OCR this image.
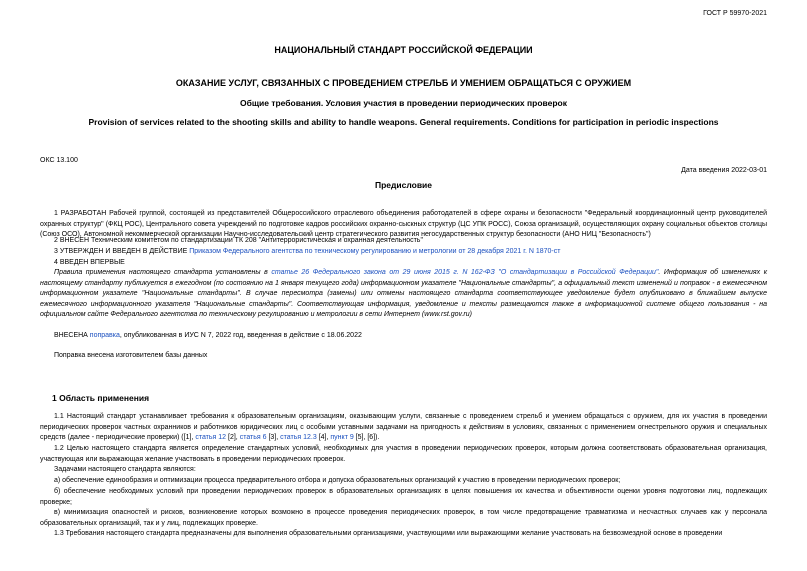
ГОСТ Р 59970-2021
НАЦИОНАЛЬНЫЙ СТАНДАРТ РОССИЙСКОЙ ФЕДЕРАЦИИ
ОКАЗАНИЕ УСЛУГ, СВЯЗАННЫХ С ПРОВЕДЕНИЕМ СТРЕЛЬБ И УМЕНИЕМ ОБРАЩАТЬСЯ С ОРУЖИЕМ
Общие требования. Условия участия в проведении периодических проверок
Provision of services related to the shooting skills and ability to handle weapons. General requirements. Conditions for participation in periodic inspections
ОКС 13.100
Дата введения 2022-03-01
Предисловие

1 РАЗРАБОТАН Рабочей группой, состоящей из представителей Общероссийского отраслевого объединения работодателей в сфере охраны и безопасности "Федеральный координационный центр руководителей охранных структур" (ФКЦ РОС), Центрального совета учреждений по подготовке кадров российских охранно-сыскных структур (ЦС УПК РОСС), Союза организаций, осуществляющих охрану социальных объектов столицы (Союз ОСО), Автономной некоммерческой организации Научно-исследовательский центр стратегического развития негосударственных структур безопасности (АНО НИЦ "Безопасность")

2 ВНЕСЕН Техническим комитетом по стандартизации ТК 208 "Антитеррористическая и охранная деятельность"

3 УТВЕРЖДЕН И ВВЕДЕН В ДЕЙСТВИЕ Приказом Федерального агентства по техническому регулированию и метрологии от 28 декабря 2021 г. N 1870-ст

4 ВВЕДЕН ВПЕРВЫЕ

Правила применения настоящего стандарта установлены в статье 26 Федерального закона от 29 июня 2015 г. N 162-ФЗ "О стандартизации в Российской Федерации". Информация об изменениях к настоящему стандарту публикуется в ежегодном (по состоянию на 1 января текущего года) информационном указателе "Национальные стандарты", а официальный текст изменений и поправок - в ежемесячном информационном указателе "Национальные стандарты". В случае пересмотра (замены) или отмены настоящего стандарта соответствующее уведомление будет опубликовано в ближайшем выпуске ежемесячного информационного указателя "Национальные стандарты". Соответствующая информация, уведомление и тексты размещаются также в информационной системе общего пользования - на официальном сайте Федерального агентства по техническому регулированию и метрологии в сети Интернет (www.rst.gov.ru)

ВНЕСЕНА поправка, опубликованная в ИУС N 7, 2022 год, введенная в действие с 18.06.2022

Поправка внесена изготовителем базы данных

1 Область применения

1.1 Настоящий стандарт устанавливает требования к образовательным организациям, оказывающим услуги, связанные с проведением стрельб и умением обращаться с оружием, для их участия в проведении периодических проверок частных охранников и работников юридических лиц с особыми уставными задачами на пригодность к действиям в условиях, связанных с применением огнестрельного оружия и специальных средств (далее - периодические проверки) ([1], статья 12 [2], статья 6 [3], статья 12.3 [4], пункт 9 [5], [6]).

1.2 Целью настоящего стандарта является определение стандартных условий, необходимых для участия в проведении периодических проверок, которым должна соответствовать образовательная организация, участвующая или выражающая желание участвовать в проведении периодических проверок.

Задачами настоящего стандарта являются:

а) обеспечение единообразия и оптимизации процесса предварительного отбора и допуска образовательных организаций к участию в проведении периодических проверок;

б) обеспечение необходимых условий при проведении периодических проверок в образовательных организациях в целях повышения их качества и объективности оценки уровня подготовки лиц, подлежащих проверке;

в) минимизация опасностей и рисков, возникновение которых возможно в процессе проведения периодических проверок, в том числе предотвращение травматизма и несчастных случаев как у персонала образовательных организаций, так и у лиц, подлежащих проверке.

1.3 Требования настоящего стандарта предназначены для выполнения образовательными организациями, участвующими или выражающими желание участвовать на безвозмездной основе в проведении
